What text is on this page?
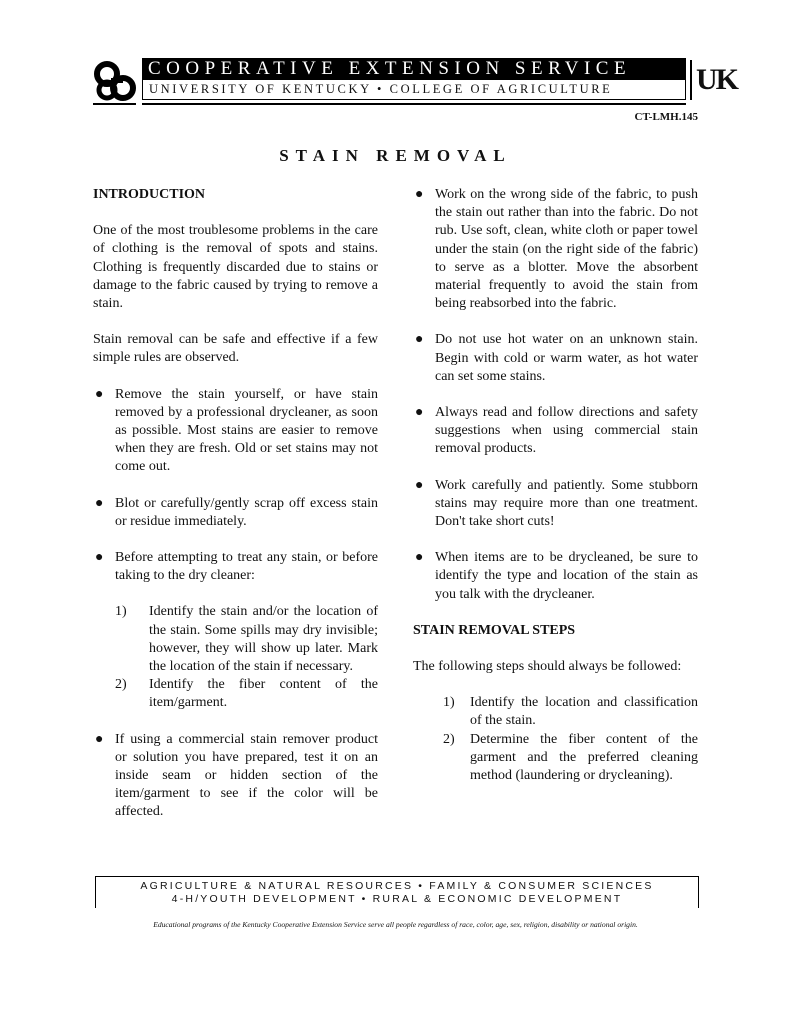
COOPERATIVE EXTENSION SERVICE
UNIVERSITY OF KENTUCKY • COLLEGE OF AGRICULTURE	UK
CT-LMH.145
STAIN REMOVAL
INTRODUCTION

One of the most troublesome problems in the care of clothing is the removal of spots and stains. Clothing is frequently discarded due to stains or damage to the fabric caused by trying to remove a stain.

Stain removal can be safe and effective if a few simple rules are observed.

● Remove the stain yourself, or have stain removed by a professional drycleaner, as soon as possible. Most stains are easier to remove when they are fresh. Old or set stains may not come out.
● Blot or carefully/gently scrap off excess stain or residue immediately.
● Before attempting to treat any stain, or before taking to the dry cleaner:
1) Identify the stain and/or the location of the stain. Some spills may dry invisible; however, they will show up later. Mark the location of the stain if necessary.
2) Identify the fiber content of the item/garment.
● If using a commercial stain remover product or solution you have prepared, test it on an inside seam or hidden section of the item/garment to see if the color will be affected.
● Work on the wrong side of the fabric, to push the stain out rather than into the fabric. Do not rub. Use soft, clean, white cloth or paper towel under the stain (on the right side of the fabric) to serve as a blotter. Move the absorbent material frequently to avoid the stain from being reabsorbed into the fabric.
● Do not use hot water on an unknown stain. Begin with cold or warm water, as hot water can set some stains.
● Always read and follow directions and safety suggestions when using commercial stain removal products.
● Work carefully and patiently. Some stubborn stains may require more than one treatment. Don't take short cuts!
● When items are to be drycleaned, be sure to identify the type and location of the stain as you talk with the drycleaner.
STAIN REMOVAL STEPS

The following steps should always be followed:

1) Identify the location and classification of the stain.
2) Determine the fiber content of the garment and the preferred cleaning method (laundering or drycleaning).
AGRICULTURE & NATURAL RESOURCES • FAMILY & CONSUMER SCIENCES
4-H/YOUTH DEVELOPMENT • RURAL & ECONOMIC DEVELOPMENT
Educational programs of the Kentucky Cooperative Extension Service serve all people regardless of race, color, age, sex, religion, disability or national origin.
